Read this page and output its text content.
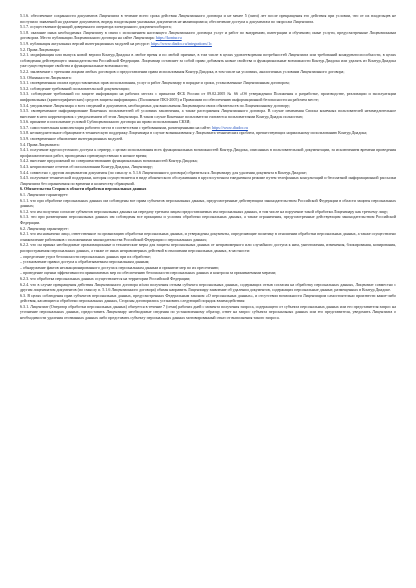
5.1.6. обеспечение сохранности документов Лицензиата в течение всего срока действия Лицензионного договора и не менее 5 (пяти) лет после прекращения его действия при условии, что от их владельцев не поступило заявлений на удаление документов, впредь владельцами указанных документов не являющимися; обеспечение доступа к документам по запросам Лицензиата.

5.1.7. осуществление функций доверенного оператора электронного документооборота;

5.1.8. оказание иных необходимых Лицензиату в связи с исполнением настоящего Лицензионного договора услуг и работ по внедрению, интеграции и обучению; иные услуги, предусмотренные Лицензионным договором. Место публикации Лицензионного договора на сайте Лицензиара: https://kontur.ru

5.1.9. публикация актуальных версий интеграционных модулей на ресурсе: https://www.diadoc.ru/integrations/1c

5.2. Права Лицензиара:

5.2.1. модификация или выпуск новой версии Контур.Диадока в любое время и по любой причине, в том числе в целях удовлетворения потребностей Лицензиата или требований конкурентоспособности, в целях соблюдения действующего законодательства Российской Федерации. Лицензиар оставляет за собой право добавлять новые свойства и функциональные возможности Контур.Диадока или удалять из Контур.Диадока уже существующие свойства и функциональные возможности;

5.2.2. заключение с третьими лицами любых договоров о предоставлении права использования Контур.Диадока, в том числе на условиях, аналогичных условиям Лицензионного договора;

5.3. Обязанности Лицензиата:

5.3.1. своевременная оплата предоставляемых прав использования, услуг и работ Лицензиару в порядке и сроки, установленные Лицензионным договором;

5.3.2. соблюдение требований пользовательской документации;

5.3.3. соблюдение требований по защите информации на рабочих местах с приказом ФСБ России от 09.02.2005 № 66 «Об утверждении Положения о разработке, производстве, реализации и эксплуатации шифровальных (криптографических) средств защиты информации» (Положение ПКЗ-2005) и Правилами по обеспечению информационной безопасности на рабочем месте;

5.3.4. уведомление Лицензиара о всех сведений и документов, необходимых для выполнения Лицензиаром своих обязательств по Лицензионному договору;

5.3.5. своевременное информирование Конечных пользователей об условиях заключения, а также расторжения Лицензионного договора. В случае изменения Списка конечных пользователей незамедлительное внесение в него корректировок с уведомлением об этом Лицензиара. В таком случае Конечные пользователи считаются пользователями Контур.Диадок полностью;

5.3.6. принятие и исполнение условий Сублицензионного договора на право использования СКЗИ;

5.3.7. самостоятельная комплектация рабочего места в соответствии с требованиями, размещенными на сайте: https://www.diadoc.ru

5.3.8. незамедлительное обращение в техническую поддержку Лицензиара в случае возникновения у Лицензиата технических проблем, препятствующих нормальному использованию Контур.Диадока;

5.3.9. своевременное обновление интеграционных модулей.

5.4. Права Лицензиата:

5.4.1. получение круглосуточного доступа к серверу, с целью использования всех функциональных возможностей Контур.Диадока, описанных в пользовательской документации, за исключением времени проведения профилактических работ, проводимых преимущественно в ночное время;

5.4.2. внесение предложений по совершенствованию функциональных возможностей Контур.Диадока;

5.4.3. неприсвоение отчетов об использовании Контур.Диадока, Лицензиару;

5.4.4. совместно с другим лицензиатом документы (по смыслу п. 5.1.6 Лицензионного договора) обратиться к Лицензиару для удаления документа в Контур.Диадоке;

5.4.5. получение технической поддержки, которая осуществляется в виде абонентского обслуживания в круглосуточном ежедневном режиме путем телефонных консультаций и бесплатной информационной рассылки Лицензиата без ограничения по времени и количеству обращений.

6. Обязательства Сторон в области обработки персональных данных

6.1. Лицензиат гарантирует:

6.1.1. что при обработке персональных данных им соблюдены все права субъектов персональных данных, предусмотренные действующим законодательством Российской Федерации в области защиты персональных данных;

6.1.2. что им получено согласие субъектов персональных данных на передачу третьим лицам предоставляемых им персональных данных, в том числе на поручение такой обработки Лицензиару как третьему лицу;

6.1.3. что при размещении персональных данных им соблюдены все принципы и условия обработки персональных данных, а также ограничения, предусмотренные действующим законодательством Российской Федерации.

6.2. Лицензиар гарантирует:

6.2.1. что им назначено лицо, ответственное за организацию обработки персональных данных, и утверждены документы, определяющие политику в отношении обработки персональных данных, а также осуществлено ознакомление работников с положениями законодательства Российской Федерации о персональных данных;

6.2.2. что он принял необходимые организационные и технические меры для защиты персональных данных от неправомерного или случайного доступа к ним, уничтожения, изменения, блокирования, копирования, распространения персональных данных, а также от иных неправомерных действий в отношении персональных данных, в частности:

– определение угроз безопасности персональных данных при их обработке;

– установление правил доступа к обрабатываемым персональным данным;

– обнаружение фактов несанкционированного доступа к персональным данным и принятие мер по их пресечению;

– проведение оценки эффективности принимаемых мер по обеспечению безопасности персональных данных и контроля за принимаемыми мерами;

6.2.3. что обработка персональных данных осуществляется на территории Российской Федерации;

6.2.4. что в случае прекращения действия Лицензионного договора и/или получения отзыва субъекта персональных данных, содержащих отзыв согласия на обработку персональных данных, Лицензиат совместно с другим лицензиатом документов (по смыслу п. 5.1.6 Лицензионного договора) обязан направить Лицензиару заявление об удалении документов, содержащих персональные данные, размещенных в Контур.Диадоке.

6.3. В целях соблюдения прав субъектов персональных данных, предусмотренных Федеральным законом «О персональных данных», и отсутствии возможности Лицензиаром самостоятельно произвести какие-либо действия, касающиеся обработки персональных данных, Стороны договорились установить следующий порядок взаимодействия:

6.3.1. Лицензиат (Оператор обработки персональных данных) обязуется в течение 7 (семи) рабочих дней с момента получения запроса, содержащего от субъекта персональных данных или его представителя запрос на уточнение персональных данных, предоставить Лицензиару необходимые сведения по установленному образцу, ответ на запрос субъекта персональных данных или его представителя, уведомить Лицензиата о необходимости удаления отозванных данных либо представить субъекту персональных данных мотивированный отказ от выполнения такого запроса.
